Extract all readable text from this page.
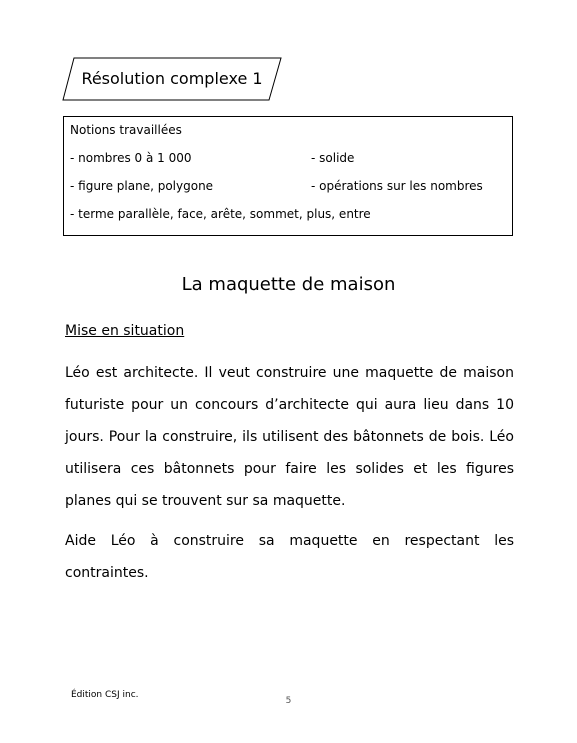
Résolution complexe 1
Notions travaillées
- nombres 0 à 1 000	- solide
- figure plane, polygone	- opérations sur les nombres
- terme parallèle, face, arête, sommet, plus, entre
La maquette de maison
Mise en situation

Léo est architecte. Il veut construire une maquette de maison futuriste pour un concours d’architecte qui aura lieu dans 10 jours. Pour la construire, ils utilisent des bâtonnets de bois. Léo utilisera ces bâtonnets pour faire les solides et les figures planes qui se trouvent sur sa maquette.

Aide Léo à construire sa maquette en respectant les contraintes.

Édition CSJ inc.
5
